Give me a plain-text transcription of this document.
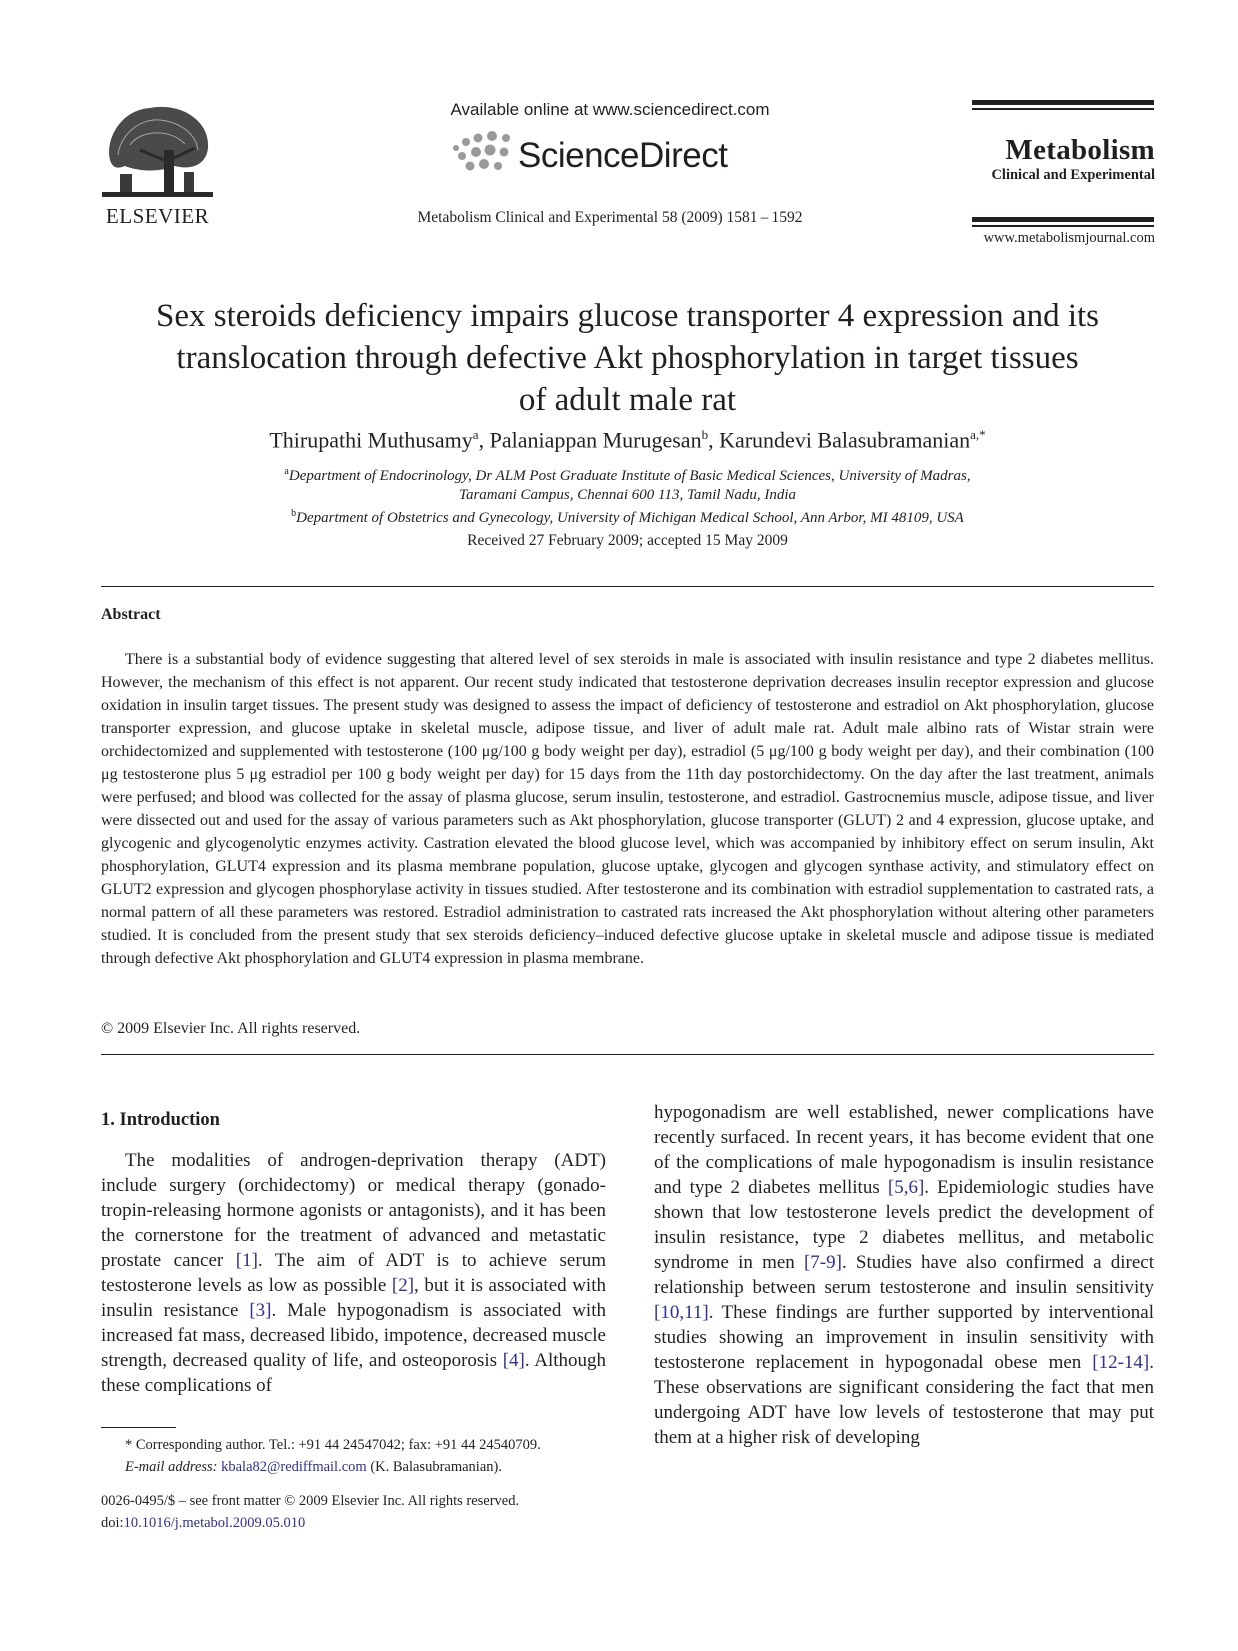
ELSEVIER
Available online at www.sciencedirect.com
ScienceDirect
Metabolism Clinical and Experimental 58 (2009) 1581 – 1592
Metabolism
Clinical and Experimental
www.metabolismjournal.com
Sex steroids deficiency impairs glucose transporter 4 expression and its
translocation through defective Akt phosphorylation in target tissues
of adult male rat
Thirupathi Muthusamy$^a$, Palaniappan Murugesan$^b$, Karundevi Balasubramanian$^{a,*}$
$^a$Department of Endocrinology, Dr ALM Post Graduate Institute of Basic Medical Sciences, University of Madras,
Taramani Campus, Chennai 600 113, Tamil Nadu, India
$^b$Department of Obstetrics and Gynecology, University of Michigan Medical School, Ann Arbor, MI 48109, USA
Received 27 February 2009; accepted 15 May 2009
Abstract
There is a substantial body of evidence suggesting that altered level of sex steroids in male is associated with insulin resistance and type 2 diabetes mellitus. However, the mechanism of this effect is not apparent. Our recent study indicated that testosterone deprivation decreases insulin receptor expression and glucose oxidation in insulin target tissues. The present study was designed to assess the impact of deficiency of testosterone and estradiol on Akt phosphorylation, glucose transporter expression, and glucose uptake in skeletal muscle, adipose tissue, and liver of adult male rat. Adult male albino rats of Wistar strain were orchidectomized and supplemented with testosterone (100 μg/100 g body weight per day), estradiol (5 μg/100 g body weight per day), and their combination (100 μg testosterone plus 5 μg estradiol per 100 g body weight per day) for 15 days from the 11th day postorchidectomy. On the day after the last treatment, animals were perfused; and blood was collected for the assay of plasma glucose, serum insulin, testosterone, and estradiol. Gastrocnemius muscle, adipose tissue, and liver were dissected out and used for the assay of various parameters such as Akt phosphorylation, glucose transporter (GLUT) 2 and 4 expression, glucose uptake, and glycogenic and glycogenolytic enzymes activity. Castration elevated the blood glucose level, which was accompanied by inhibitory effect on serum insulin, Akt phosphorylation, GLUT4 expression and its plasma membrane population, glucose uptake, glycogen and glycogen synthase activity, and stimulatory effect on GLUT2 expression and glycogen phosphorylase activity in tissues studied. After testosterone and its combination with estradiol supplementation to castrated rats, a normal pattern of all these parameters was restored. Estradiol administration to castrated rats increased the Akt phosphorylation without altering other parameters studied. It is concluded from the present study that sex steroids deficiency–induced defective glucose uptake in skeletal muscle and adipose tissue is mediated through defective Akt phosphorylation and GLUT4 expression in plasma membrane.
© 2009 Elsevier Inc. All rights reserved.
1. Introduction
The modalities of androgen-deprivation therapy (ADT) include surgery (orchidectomy) or medical therapy (gonado-tropin-releasing hormone agonists or antagonists), and it has been the cornerstone for the treatment of advanced and metastatic prostate cancer [1]. The aim of ADT is to achieve serum testosterone levels as low as possible [2], but it is associated with insulin resistance [3]. Male hypogonadism is associated with increased fat mass, decreased libido, impotence, decreased muscle strength, decreased quality of life, and osteoporosis [4]. Although these complications of
hypogonadism are well established, newer complications have recently surfaced. In recent years, it has become evident that one of the complications of male hypogonadism is insulin resistance and type 2 diabetes mellitus [5,6]. Epidemiologic studies have shown that low testosterone levels predict the development of insulin resistance, type 2 diabetes mellitus, and metabolic syndrome in men [7-9]. Studies have also confirmed a direct relationship between serum testosterone and insulin sensitivity [10,11]. These findings are further supported by interventional studies showing an improvement in insulin sensitivity with testosterone replacement in hypogonadal obese men [12-14]. These observations are significant considering the fact that men undergoing ADT have low levels of testosterone that may put them at a higher risk of developing
* Corresponding author. Tel.: +91 44 24547042; fax: +91 44 24540709.
E-mail address: kbala82@rediffmail.com (K. Balasubramanian).
0026-0495/$ – see front matter © 2009 Elsevier Inc. All rights reserved.
doi:10.1016/j.metabol.2009.05.010
